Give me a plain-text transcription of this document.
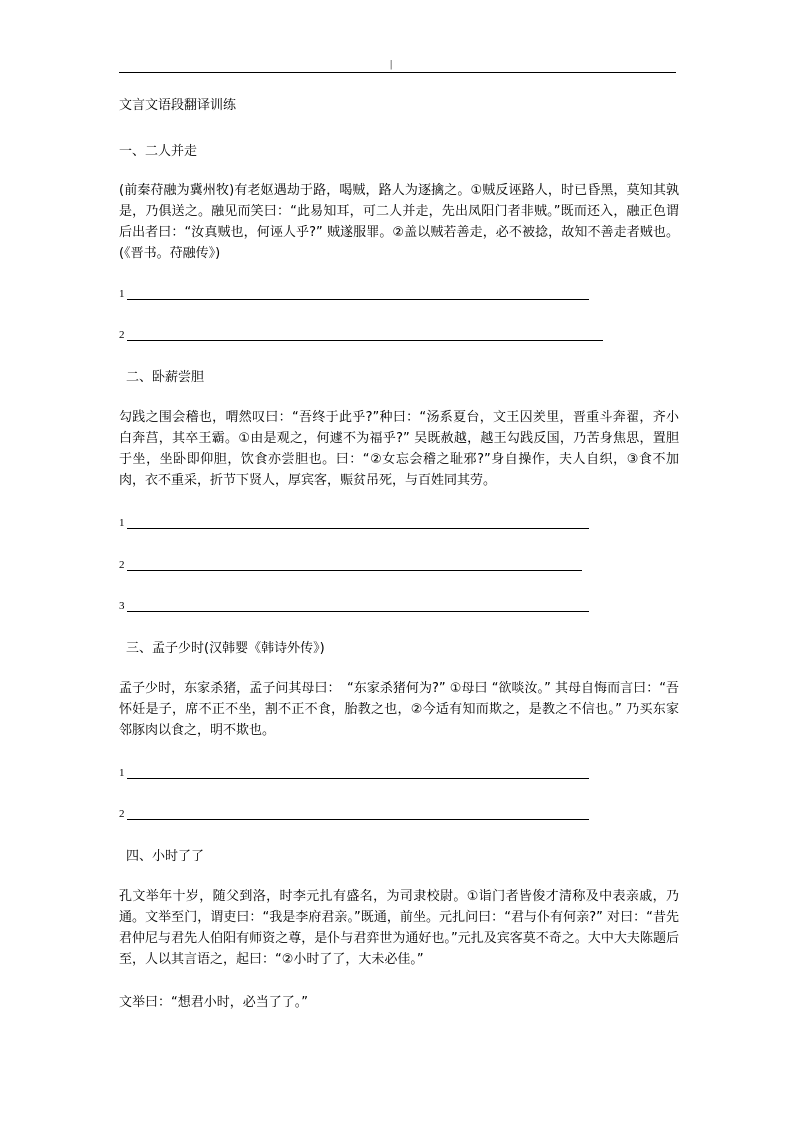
|
文言文语段翻译训练
一、二人并走
(前秦苻融为冀州牧)有老妪遇劫于路，喝贼，路人为逐擒之。①贼反诬路人，时已昏黑，莫知其孰是，乃俱送之。融见而笑曰：“此易知耳，可二人并走，先出凤阳门者非贼。”既而还入，融正色谓后出者曰：“汝真贼也，何诬人乎?” 贼遂服罪。②盖以贼若善走，必不被捻，故知不善走者贼也。(《晋书。苻融传》)
1
2
二、卧薪尝胆
勾践之围会稽也，喟然叹曰：“吾终于此乎?”种曰：“汤系夏台，文王囚羑里，晋重斗奔翟，齐小白奔莒，其卒王霸。①由是观之，何遽不为福乎?” 吴既赦越，越王勾践反国，乃苦身焦思，置胆于坐，坐卧即仰胆，饮食亦尝胆也。曰：“②女忘会稽之耻邪?”身自操作，夫人自织，③食不加肉，衣不重采，折节下贤人，厚宾客，赈贫吊死，与百姓同其劳。
1
2
3
三、孟子少时(汉韩婴《韩诗外传》)
孟子少时，东家杀猪，孟子问其母曰：　“东家杀猪何为?” ①母曰 “欲啖汝。” 其母自悔而言曰：“吾怀妊是子，席不正不坐，割不正不食，胎教之也，②今适有知而欺之，是教之不信也。” 乃买东家邻豚肉以食之，明不欺也。
1
2
四、小时了了
孔文举年十岁，随父到洛，时李元扎有盛名，为司隶校尉。①诣门者皆俊才清称及中表亲戚，乃通。文举至门，谓吏曰：“我是李府君亲。”既通，前坐。元扎问曰：“君与仆有何亲?” 对曰：“昔先君仲尼与君先人伯阳有师资之尊，是仆与君弈世为通好也。”元扎及宾客莫不奇之。大中大夫陈题后至，人以其言语之，起曰：“②小时了了，大未必佳。”
文举曰：“想君小时，必当了了。”
